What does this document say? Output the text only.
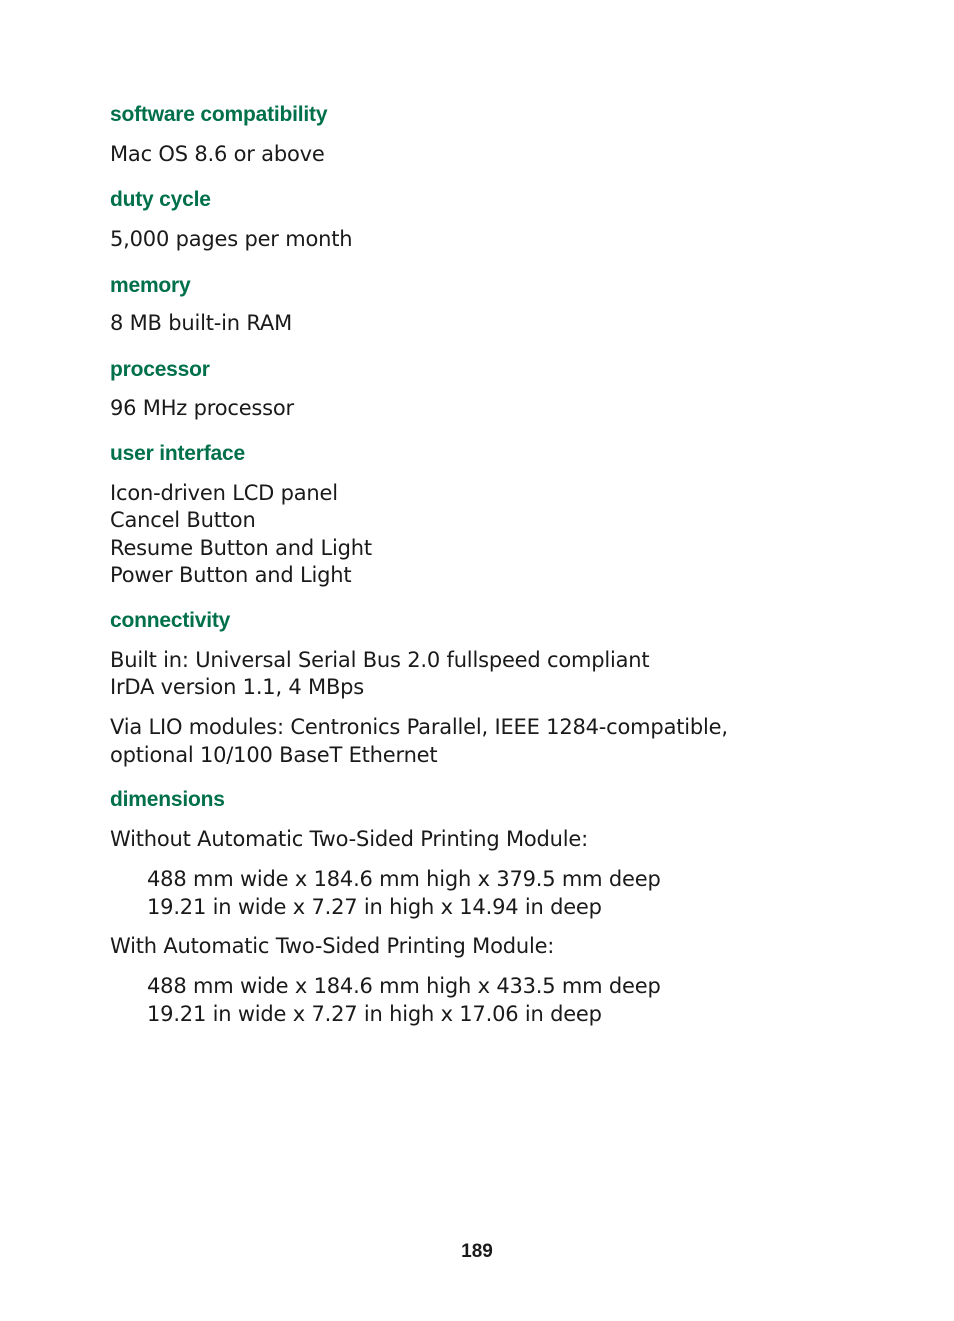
software compatibility
Mac OS 8.6 or above
duty cycle
5,000 pages per month
memory
8 MB built-in RAM
processor
96 MHz processor
user interface
Icon-driven LCD panel
Cancel Button
Resume Button and Light
Power Button and Light
connectivity
Built in: Universal Serial Bus 2.0 fullspeed compliant
IrDA version 1.1, 4 MBps
Via LIO modules: Centronics Parallel, IEEE 1284-compatible,
optional 10/100 BaseT Ethernet
dimensions
Without Automatic Two-Sided Printing Module:
488 mm wide x 184.6 mm high x 379.5 mm deep
19.21 in wide x 7.27 in high x 14.94 in deep
With Automatic Two-Sided Printing Module:
488 mm wide x 184.6 mm high x 433.5 mm deep
19.21 in wide x 7.27 in high x 17.06 in deep
189
